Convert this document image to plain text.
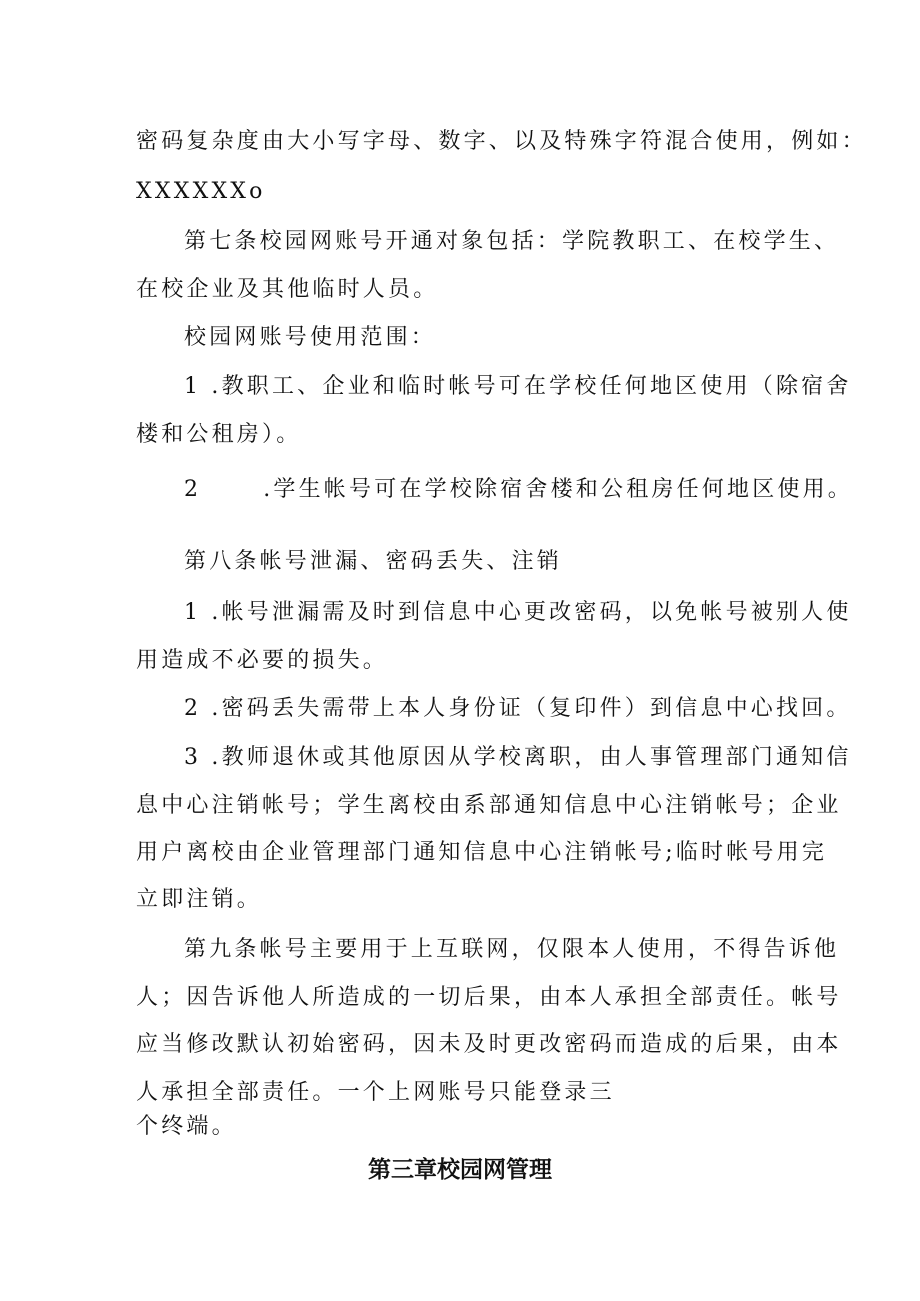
密码复杂度由大小写字母、数字、以及特殊字符混合使用，例如：
XXXXXXo
第七条校园网账号开通对象包括：学院教职工、在校学生、
在校企业及其他临时人员。
校园网账号使用范围：
1 .教职工、企业和临时帐号可在学校任何地区使用（除宿舍
楼和公租房）。
2	.学生帐号可在学校除宿舍楼和公租房任何地区使用。
第八条帐号泄漏、密码丢失、注销
1 .帐号泄漏需及时到信息中心更改密码，以免帐号被别人使
用造成不必要的损失。
2 .密码丢失需带上本人身份证（复印件）到信息中心找回。
3 .教师退休或其他原因从学校离职，由人事管理部门通知信
息中心注销帐号；学生离校由系部通知信息中心注销帐号；企业
用户离校由企业管理部门通知信息中心注销帐号;临时帐号用完
立即注销。
第九条帐号主要用于上互联网，仅限本人使用，不得告诉他
人；因告诉他人所造成的一切后果，由本人承担全部责任。帐号
应当修改默认初始密码，因未及时更改密码而造成的后果，由本
人承担全部责任。一个上网账号只能登录三
个终端。
第三章校园网管理
